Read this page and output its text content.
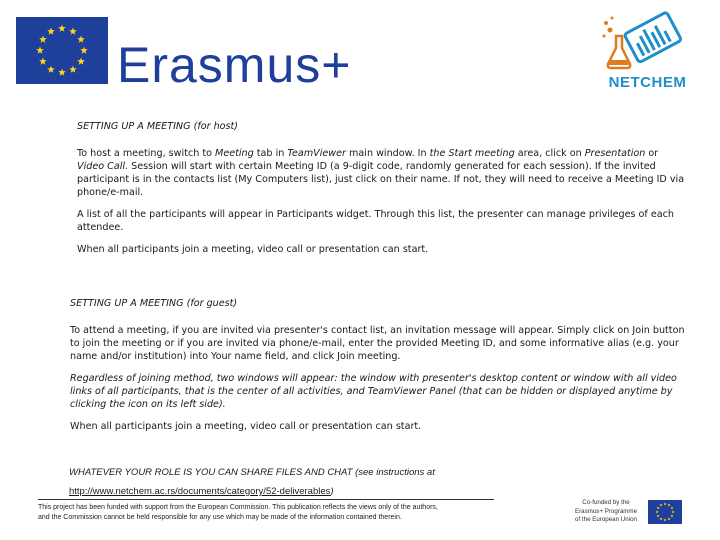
Erasmus+	NETCHEM

SETTING UP A MEETING (for host)

To host a meeting, switch to Meeting tab in TeamViewer main window. In the Start meeting area, click on Presentation or Video Call. Session will start with certain Meeting ID (a 9-digit code, randomly generated for each session). If the invited participant is in the contacts list (My Computers list), just click on their name. If not, they will need to receive a Meeting ID via phone/e-mail.

A list of all the participants will appear in Participants widget. Through this list, the presenter can manage privileges of each attendee.

When all participants join a meeting, video call or presentation can start.

SETTING UP A MEETING (for guest)

To attend a meeting, if you are invited via presenter's contact list, an invitation message will appear. Simply click on Join button to join the meeting or if you are invited via phone/e-mail, enter the provided Meeting ID, and some informative alias (e.g. your name and/or institution) into Your name field, and click Join meeting.

Regardless of joining method, two windows will appear: the window with presenter's desktop content or window with all video links of all participants, that is the center of all activities, and TeamViewer Panel (that can be hidden or displayed anytime by clicking the icon on its left side).

When all participants join a meeting, video call or presentation can start.

WHATEVER YOUR ROLE IS YOU CAN SHARE FILES AND CHAT (see instructions at
http://www.netchem.ac.rs/documents/category/52-deliverables)
This project has been funded with support from the European Commission. This publication reflects the views only of the authors,
and the Commission cannot be held responsible for any use which may be made of the information contained therein.
Co-funded by the
Erasmus+ Programme
of the European Union
